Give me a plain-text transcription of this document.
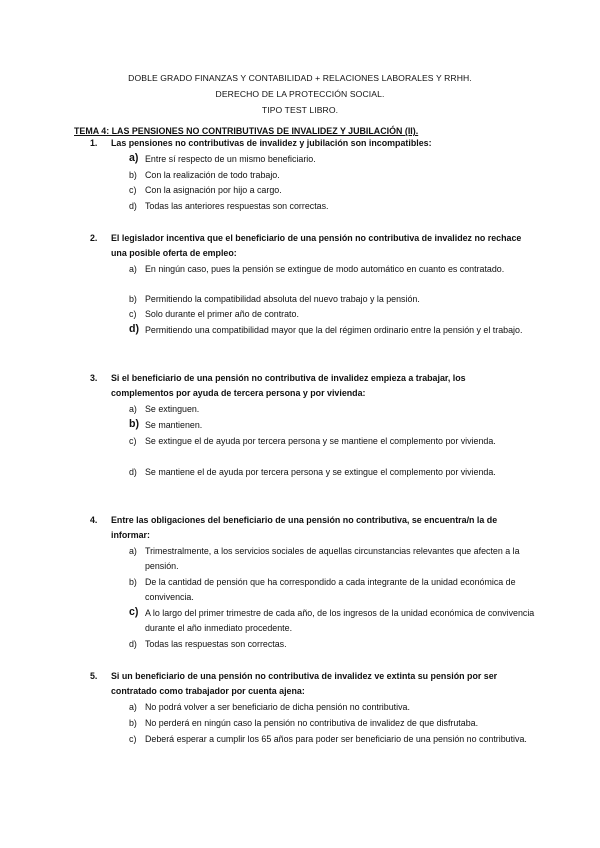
DOBLE GRADO FINANZAS Y CONTABILIDAD + RELACIONES LABORALES Y RRHH.
DERECHO DE LA PROTECCIÓN SOCIAL.
TIPO TEST LIBRO.
TEMA 4: LAS PENSIONES NO CONTRIBUTIVAS DE INVALIDEZ Y JUBILACIÓN (II).
1. Las pensiones no contributivas de invalidez y jubilación son incompatibles:
a) Entre sí respecto de un mismo beneficiario.
b) Con la realización de todo trabajo.
c) Con la asignación por hijo a cargo.
d) Todas las anteriores respuestas son correctas.
2. El legislador incentiva que el beneficiario de una pensión no contributiva de invalidez no rechace una posible oferta de empleo:
a) En ningún caso, pues la pensión se extingue de modo automático en cuanto es contratado.
b) Permitiendo la compatibilidad absoluta del nuevo trabajo y la pensión.
c) Solo durante el primer año de contrato.
d) Permitiendo una compatibilidad mayor que la del régimen ordinario entre la pensión y el trabajo.
3. Si el beneficiario de una pensión no contributiva de invalidez empieza a trabajar, los complementos por ayuda de tercera persona y por vivienda:
a) Se extinguen.
b) Se mantienen.
c) Se extingue el de ayuda por tercera persona y se mantiene el complemento por vivienda.
d) Se mantiene el de ayuda por tercera persona y se extingue el complemento por vivienda.
4. Entre las obligaciones del beneficiario de una pensión no contributiva, se encuentra/n la de informar:
a) Trimestralmente, a los servicios sociales de aquellas circunstancias relevantes que afecten a la pensión.
b) De la cantidad de pensión que ha correspondido a cada integrante de la unidad económica de convivencia.
c) A lo largo del primer trimestre de cada año, de los ingresos de la unidad económica de convivencia durante el año inmediato procedente.
d) Todas las respuestas son correctas.
5. Si un beneficiario de una pensión no contributiva de invalidez ve extinta su pensión por ser contratado como trabajador por cuenta ajena:
a) No podrá volver a ser beneficiario de dicha pensión no contributiva.
b) No perderá en ningún caso la pensión no contributiva de invalidez de que disfrutaba.
c) Deberá esperar a cumplir los 65 años para poder ser beneficiario de una pensión no contributiva.
